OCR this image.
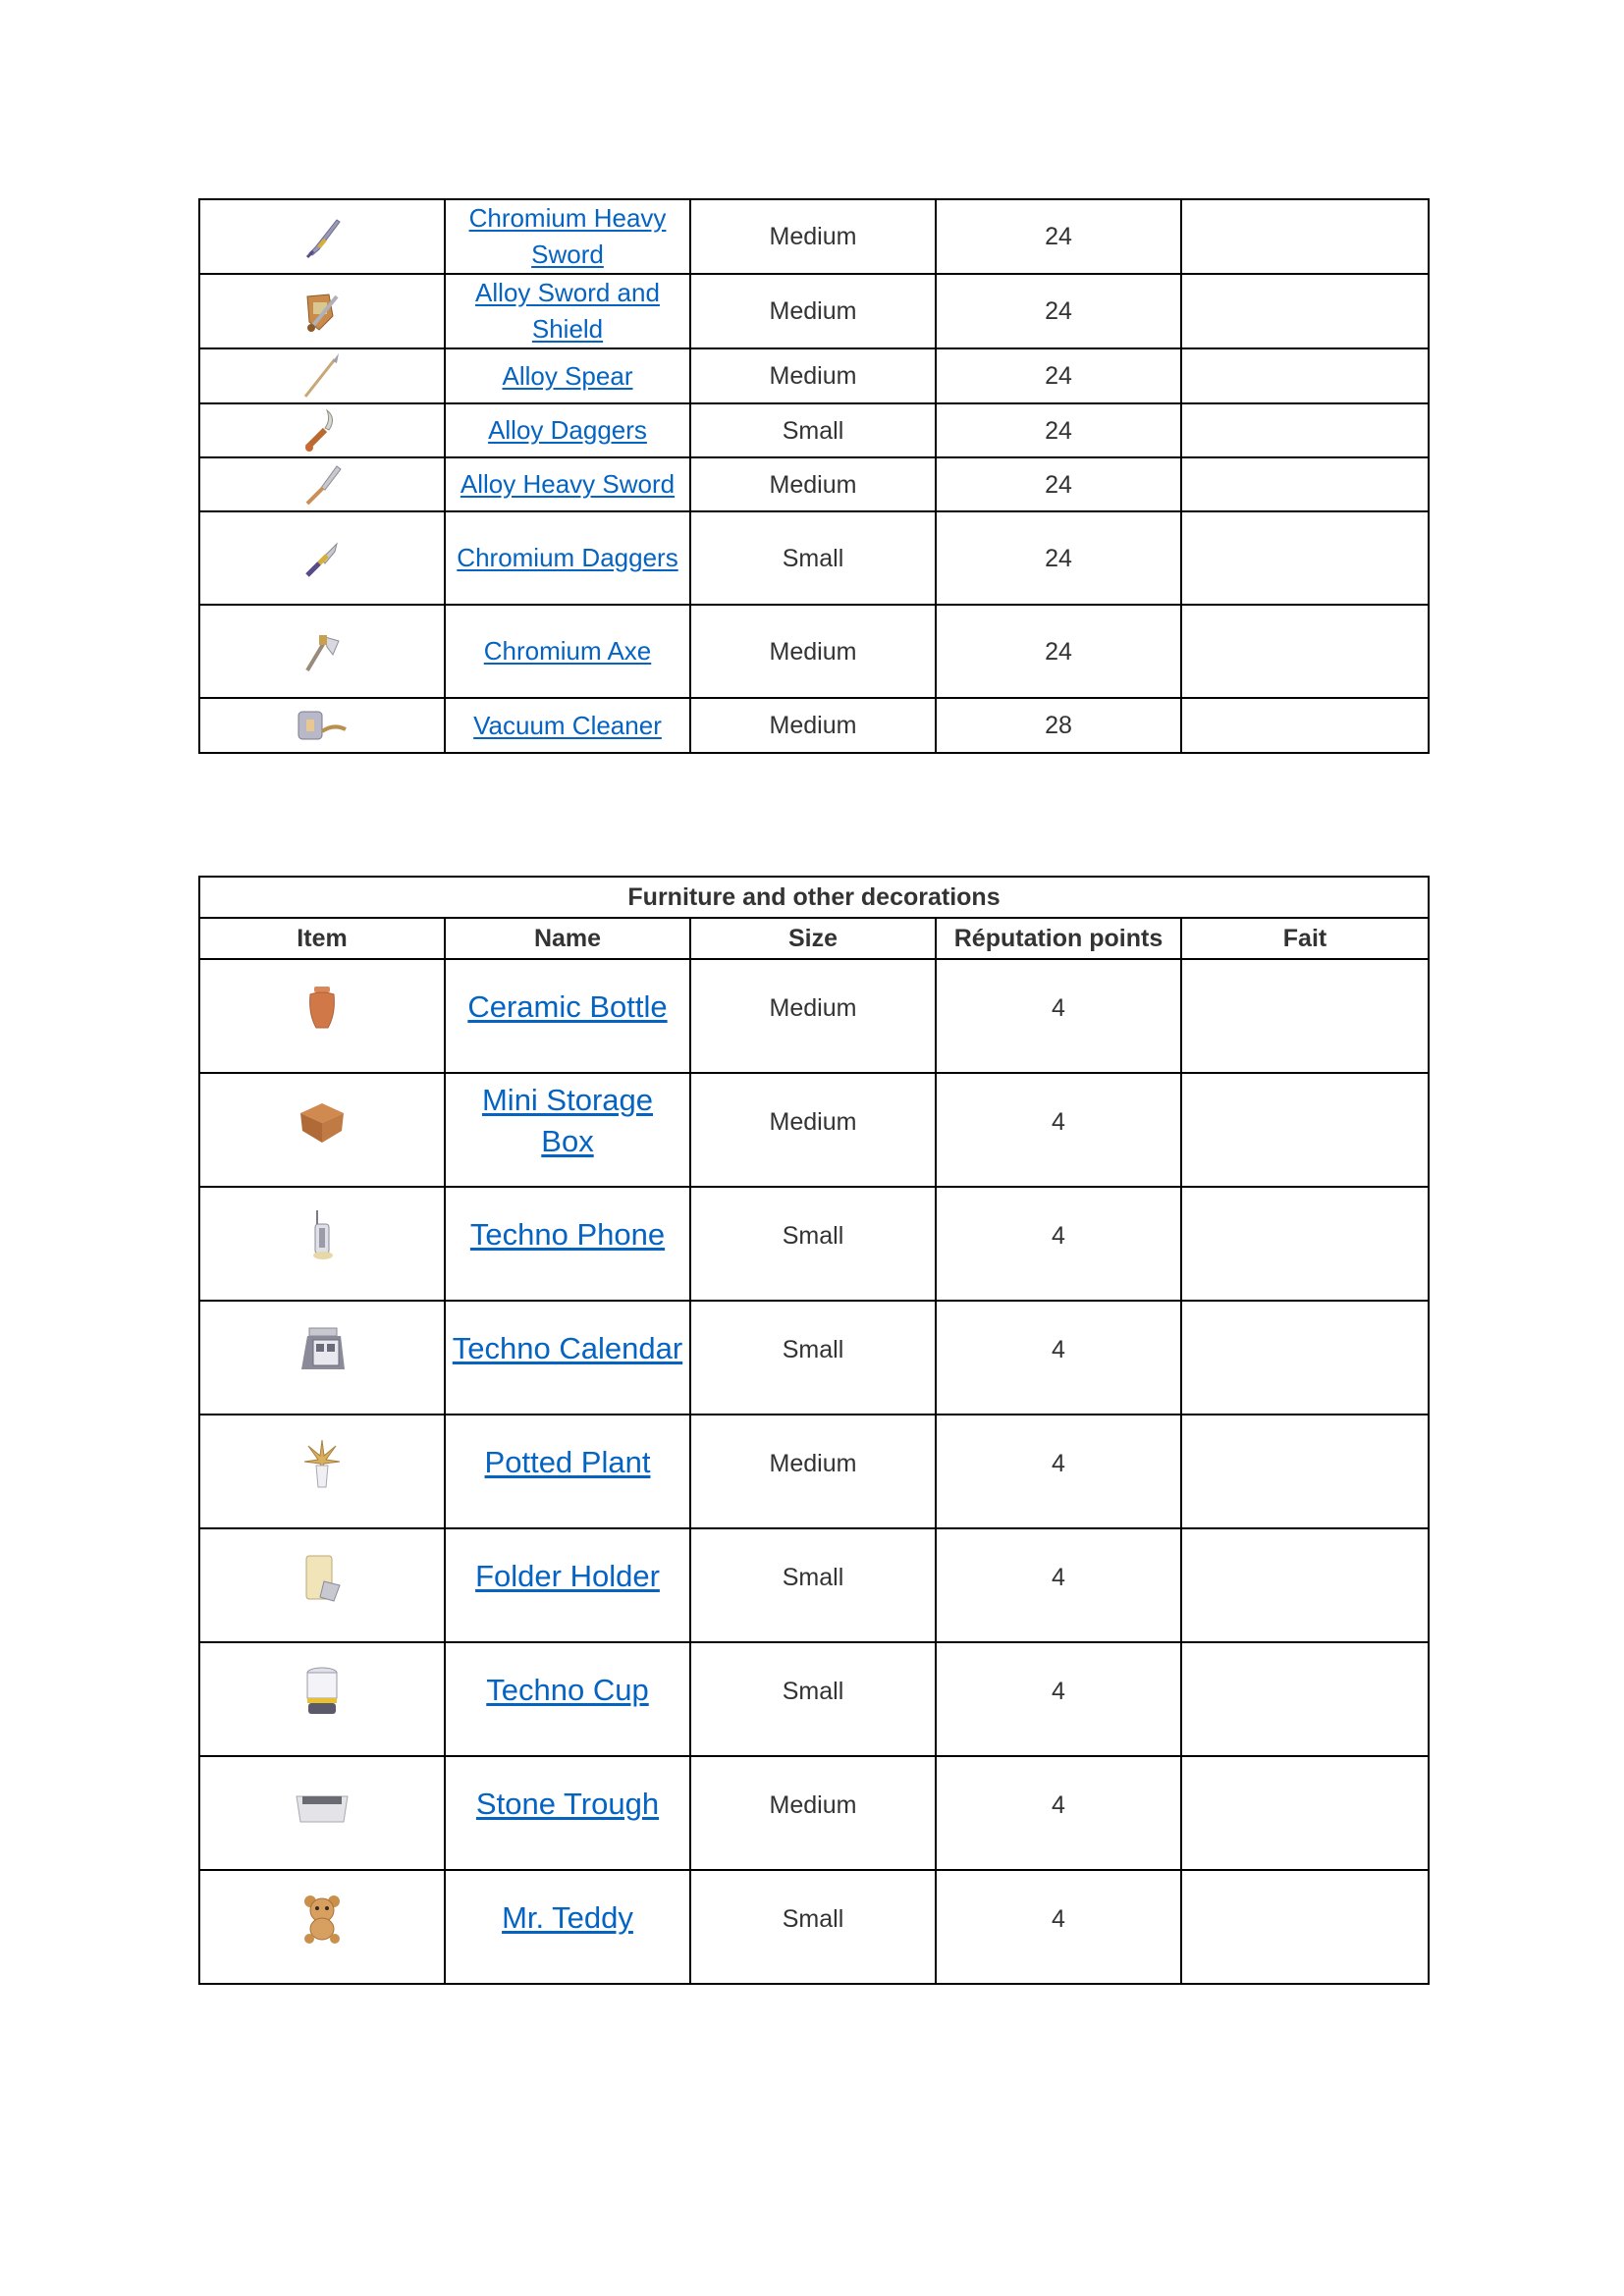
	Chromium Heavy Sword	Medium	24	

	Alloy Sword and Shield	Medium	24	

	Alloy Spear	Medium	24	

	Alloy Daggers	Small	24	

	Alloy Heavy Sword	Medium	24	

	Chromium Daggers	Small	24	

	Chromium Axe	Medium	24	

	Vacuum Cleaner	Medium	28	
Furniture and other decorations				
Item	Name	Size	Réputation points	Fait

	Ceramic Bottle	Medium	4	

	Mini Storage Box	Medium	4	

	Techno Phone	Small	4	

	Techno Calendar	Small	4	

	Potted Plant	Medium	4	

	Folder Holder	Small	4	

	Techno Cup	Small	4	

	Stone Trough	Medium	4	

	Mr. Teddy	Small	4	
